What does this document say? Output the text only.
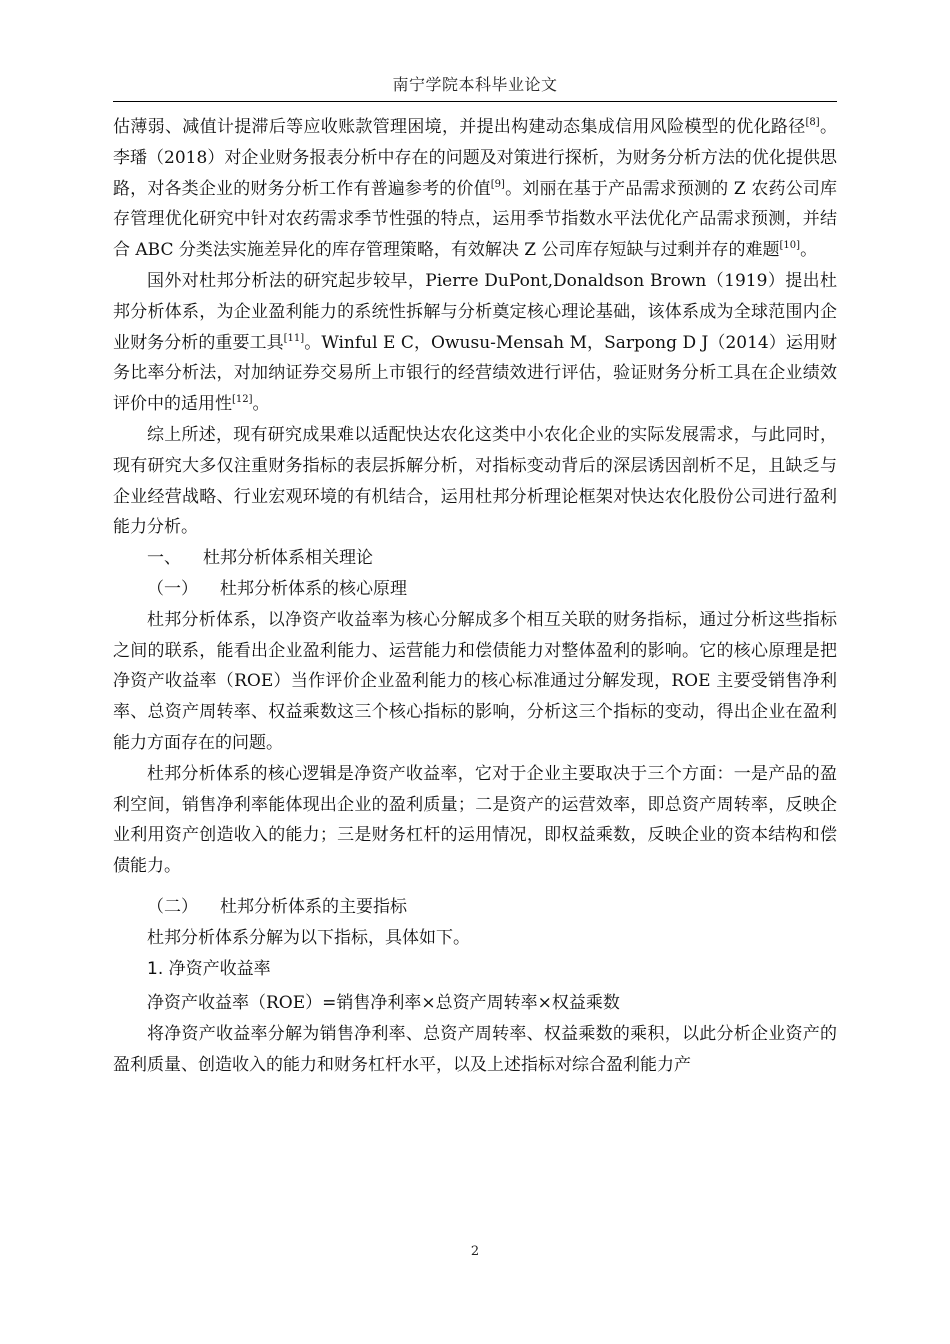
南宁学院本科毕业论文

估薄弱、减值计提滞后等应收账款管理困境，并提出构建动态集成信用风险模型的优化路径[8]。李璠（2018）对企业财务报表分析中存在的问题及对策进行探析，为财务分析方法的优化提供思路，对各类企业的财务分析工作有普遍参考的价值[9]。刘丽在基于产品需求预测的 Z 农药公司库存管理优化研究中针对农药需求季节性强的特点，运用季节指数水平法优化产品需求预测，并结合 ABC 分类法实施差异化的库存管理策略，有效解决 Z 公司库存短缺与过剩并存的难题[10]。

国外对杜邦分析法的研究起步较早，Pierre DuPont,Donaldson Brown（1919）提出杜邦分析体系，为企业盈利能力的系统性拆解与分析奠定核心理论基础，该体系成为全球范围内企业财务分析的重要工具[11]。Winful E C，Owusu-Mensah M，Sarpong D J（2014）运用财务比率分析法，对加纳证券交易所上市银行的经营绩效进行评估，验证财务分析工具在企业绩效评价中的适用性[12]。

综上所述，现有研究成果难以适配快达农化这类中小农化企业的实际发展需求，与此同时，现有研究大多仅注重财务指标的表层拆解分析，对指标变动背后的深层诱因剖析不足，且缺乏与企业经营战略、行业宏观环境的有机结合，运用杜邦分析理论框架对快达农化股份公司进行盈利能力分析。

一、 杜邦分析体系相关理论

（一） 杜邦分析体系的核心原理

杜邦分析体系，以净资产收益率为核心分解成多个相互关联的财务指标，通过分析这些指标之间的联系，能看出企业盈利能力、运营能力和偿债能力对整体盈利的影响。它的核心原理是把净资产收益率（ROE）当作评价企业盈利能力的核心标准通过分解发现，ROE 主要受销售净利率、总资产周转率、权益乘数这三个核心指标的影响，分析这三个指标的变动，得出企业在盈利能力方面存在的问题。

杜邦分析体系的核心逻辑是净资产收益率，它对于企业主要取决于三个方面：一是产品的盈利空间，销售净利率能体现出企业的盈利质量；二是资产的运营效率，即总资产周转率，反映企业利用资产创造收入的能力；三是财务杠杆的运用情况，即权益乘数，反映企业的资本结构和偿债能力。

（二） 杜邦分析体系的主要指标

杜邦分析体系分解为以下指标，具体如下。

1. 净资产收益率

净资产收益率（ROE）=销售净利率×总资产周转率×权益乘数

将净资产收益率分解为销售净利率、总资产周转率、权益乘数的乘积，以此分析企业资产的盈利质量、创造收入的能力和财务杠杆水平，以及上述指标对综合盈利能力产

2
